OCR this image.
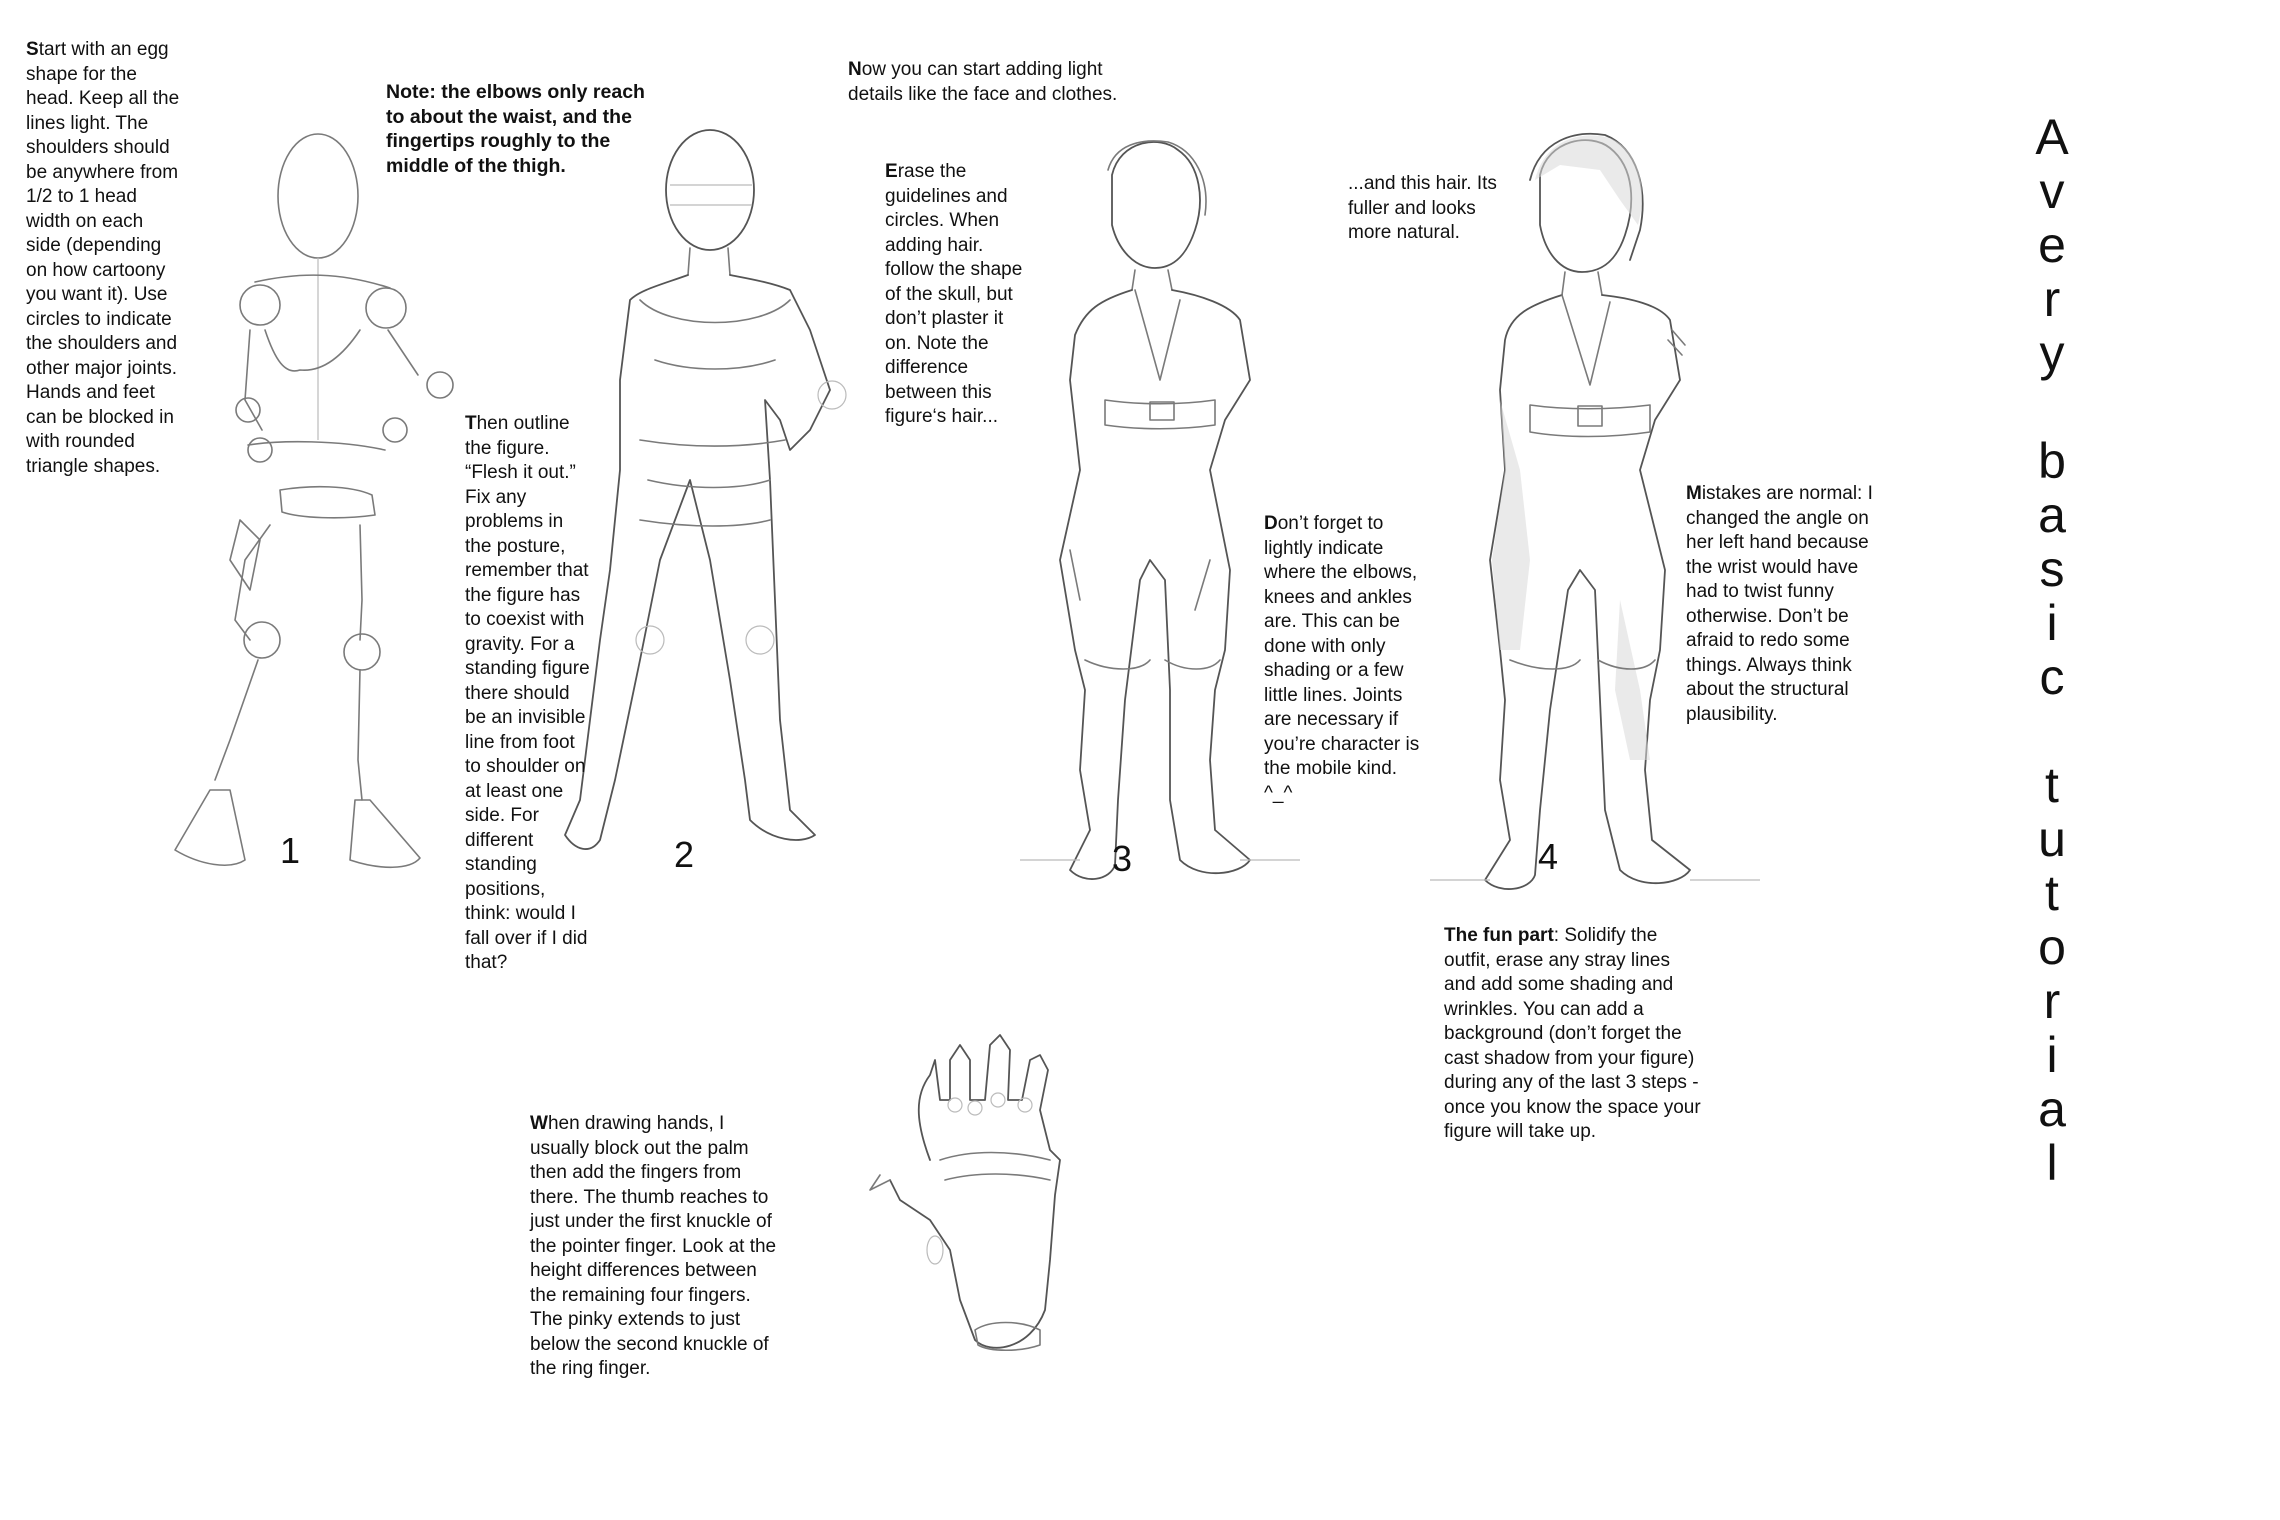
Start with an egg
shape for the
head. Keep all the
lines light. The
shoulders should
be anywhere from
1/2 to 1 head
width on each
side (depending
on how cartoony
you want it). Use
circles to indicate
the shoulders and
other major joints.
Hands and feet
can be blocked in
with rounded
triangle shapes.
Note: the elbows only reach
to about the waist, and the
fingertips roughly to the
middle of the thigh.
Now you can start adding light
details like the face and clothes.
Erase the
guidelines and
circles. When
adding hair.
follow the shape
of the skull, but
don’t plaster it
on. Note the
difference
between this
figure‘s hair...
...and this hair. Its
fuller and looks
more natural.
Then outline
the figure.
“Flesh it out.”
Fix any
problems in
the posture,
remember that
the figure has
to coexist with
gravity. For a
standing figure
there should
be an invisible
line from foot
to shoulder on
at least one
side. For
different
standing
positions,
think: would I
fall over if I did
that?
Don’t forget to
lightly indicate
where the elbows,
knees and ankles
are. This can be
done with only
shading or a few
little lines. Joints
are necessary if
you’re character is
the mobile kind.
^_^
Mistakes are normal: I
changed the angle on
her left hand because
the wrist would have
had to twist funny
otherwise. Don’t be
afraid to redo some
things. Always think
about the structural
plausibility.
The fun part: Solidify the
outfit, erase any stray lines
and add some shading and
wrinkles. You can add a
background (don’t forget the
cast shadow from your figure)
during any of the last 3 steps -
once you know the space your
figure will take up.
When drawing hands, I
usually block out the palm
then add the fingers from
there. The thumb reaches to
just under the first knuckle of
the pointer finger. Look at the
height differences between
the remaining four fingers.
The pinky extends to just
below the second knuckle of
the ring finger.
1	2	3	4
A
v
e
r
y
b
a
s
i
c
t
u
t
o
r
i
a
l
